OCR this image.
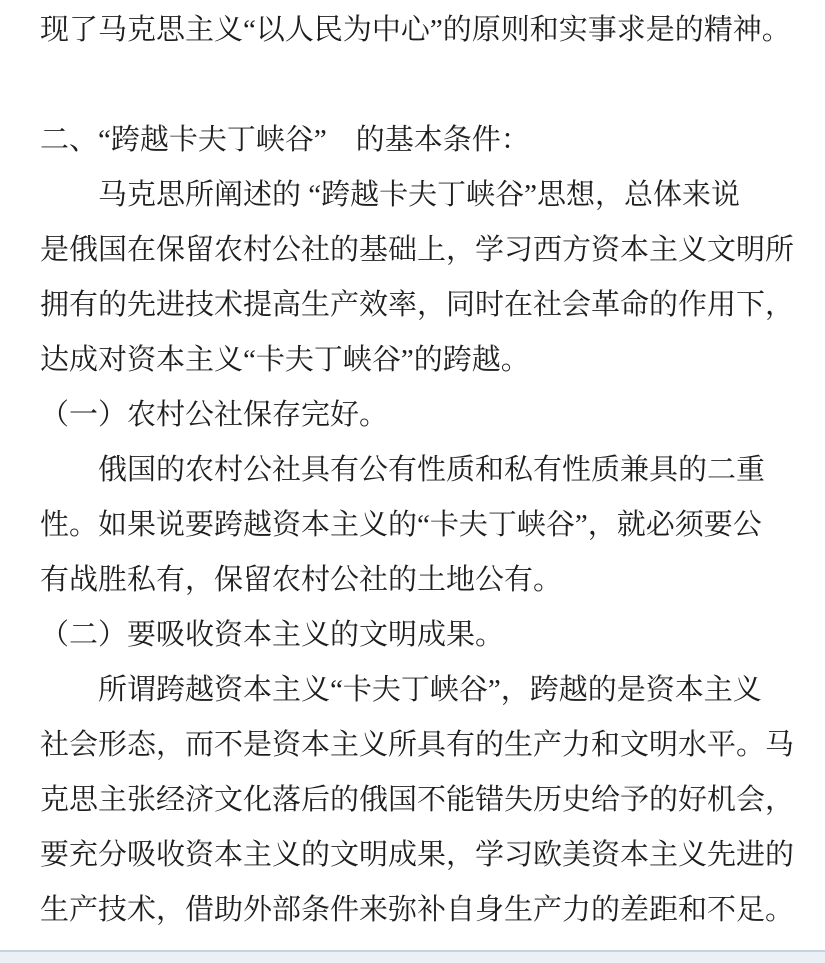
现了马克思主义“以人民为中心”的原则和实事求是的精神。
二、“跨越卡夫丁峡谷”　的基本条件：
马克思所阐述的 “跨越卡夫丁峡谷”思想，总体来说
是俄国在保留农村公社的基础上，学习西方资本主义文明所
拥有的先进技术提高生产效率，同时在社会革命的作用下，
达成对资本主义“卡夫丁峡谷”的跨越。
（一）农村公社保存完好。
俄国的农村公社具有公有性质和私有性质兼具的二重
性。如果说要跨越资本主义的“卡夫丁峡谷”，就必须要公
有战胜私有，保留农村公社的土地公有。
（二）要吸收资本主义的文明成果。
所谓跨越资本主义“卡夫丁峡谷”，跨越的是资本主义
社会形态，而不是资本主义所具有的生产力和文明水平。马
克思主张经济文化落后的俄国不能错失历史给予的好机会，
要充分吸收资本主义的文明成果，学习欧美资本主义先进的
生产技术，借助外部条件来弥补自身生产力的差距和不足。
